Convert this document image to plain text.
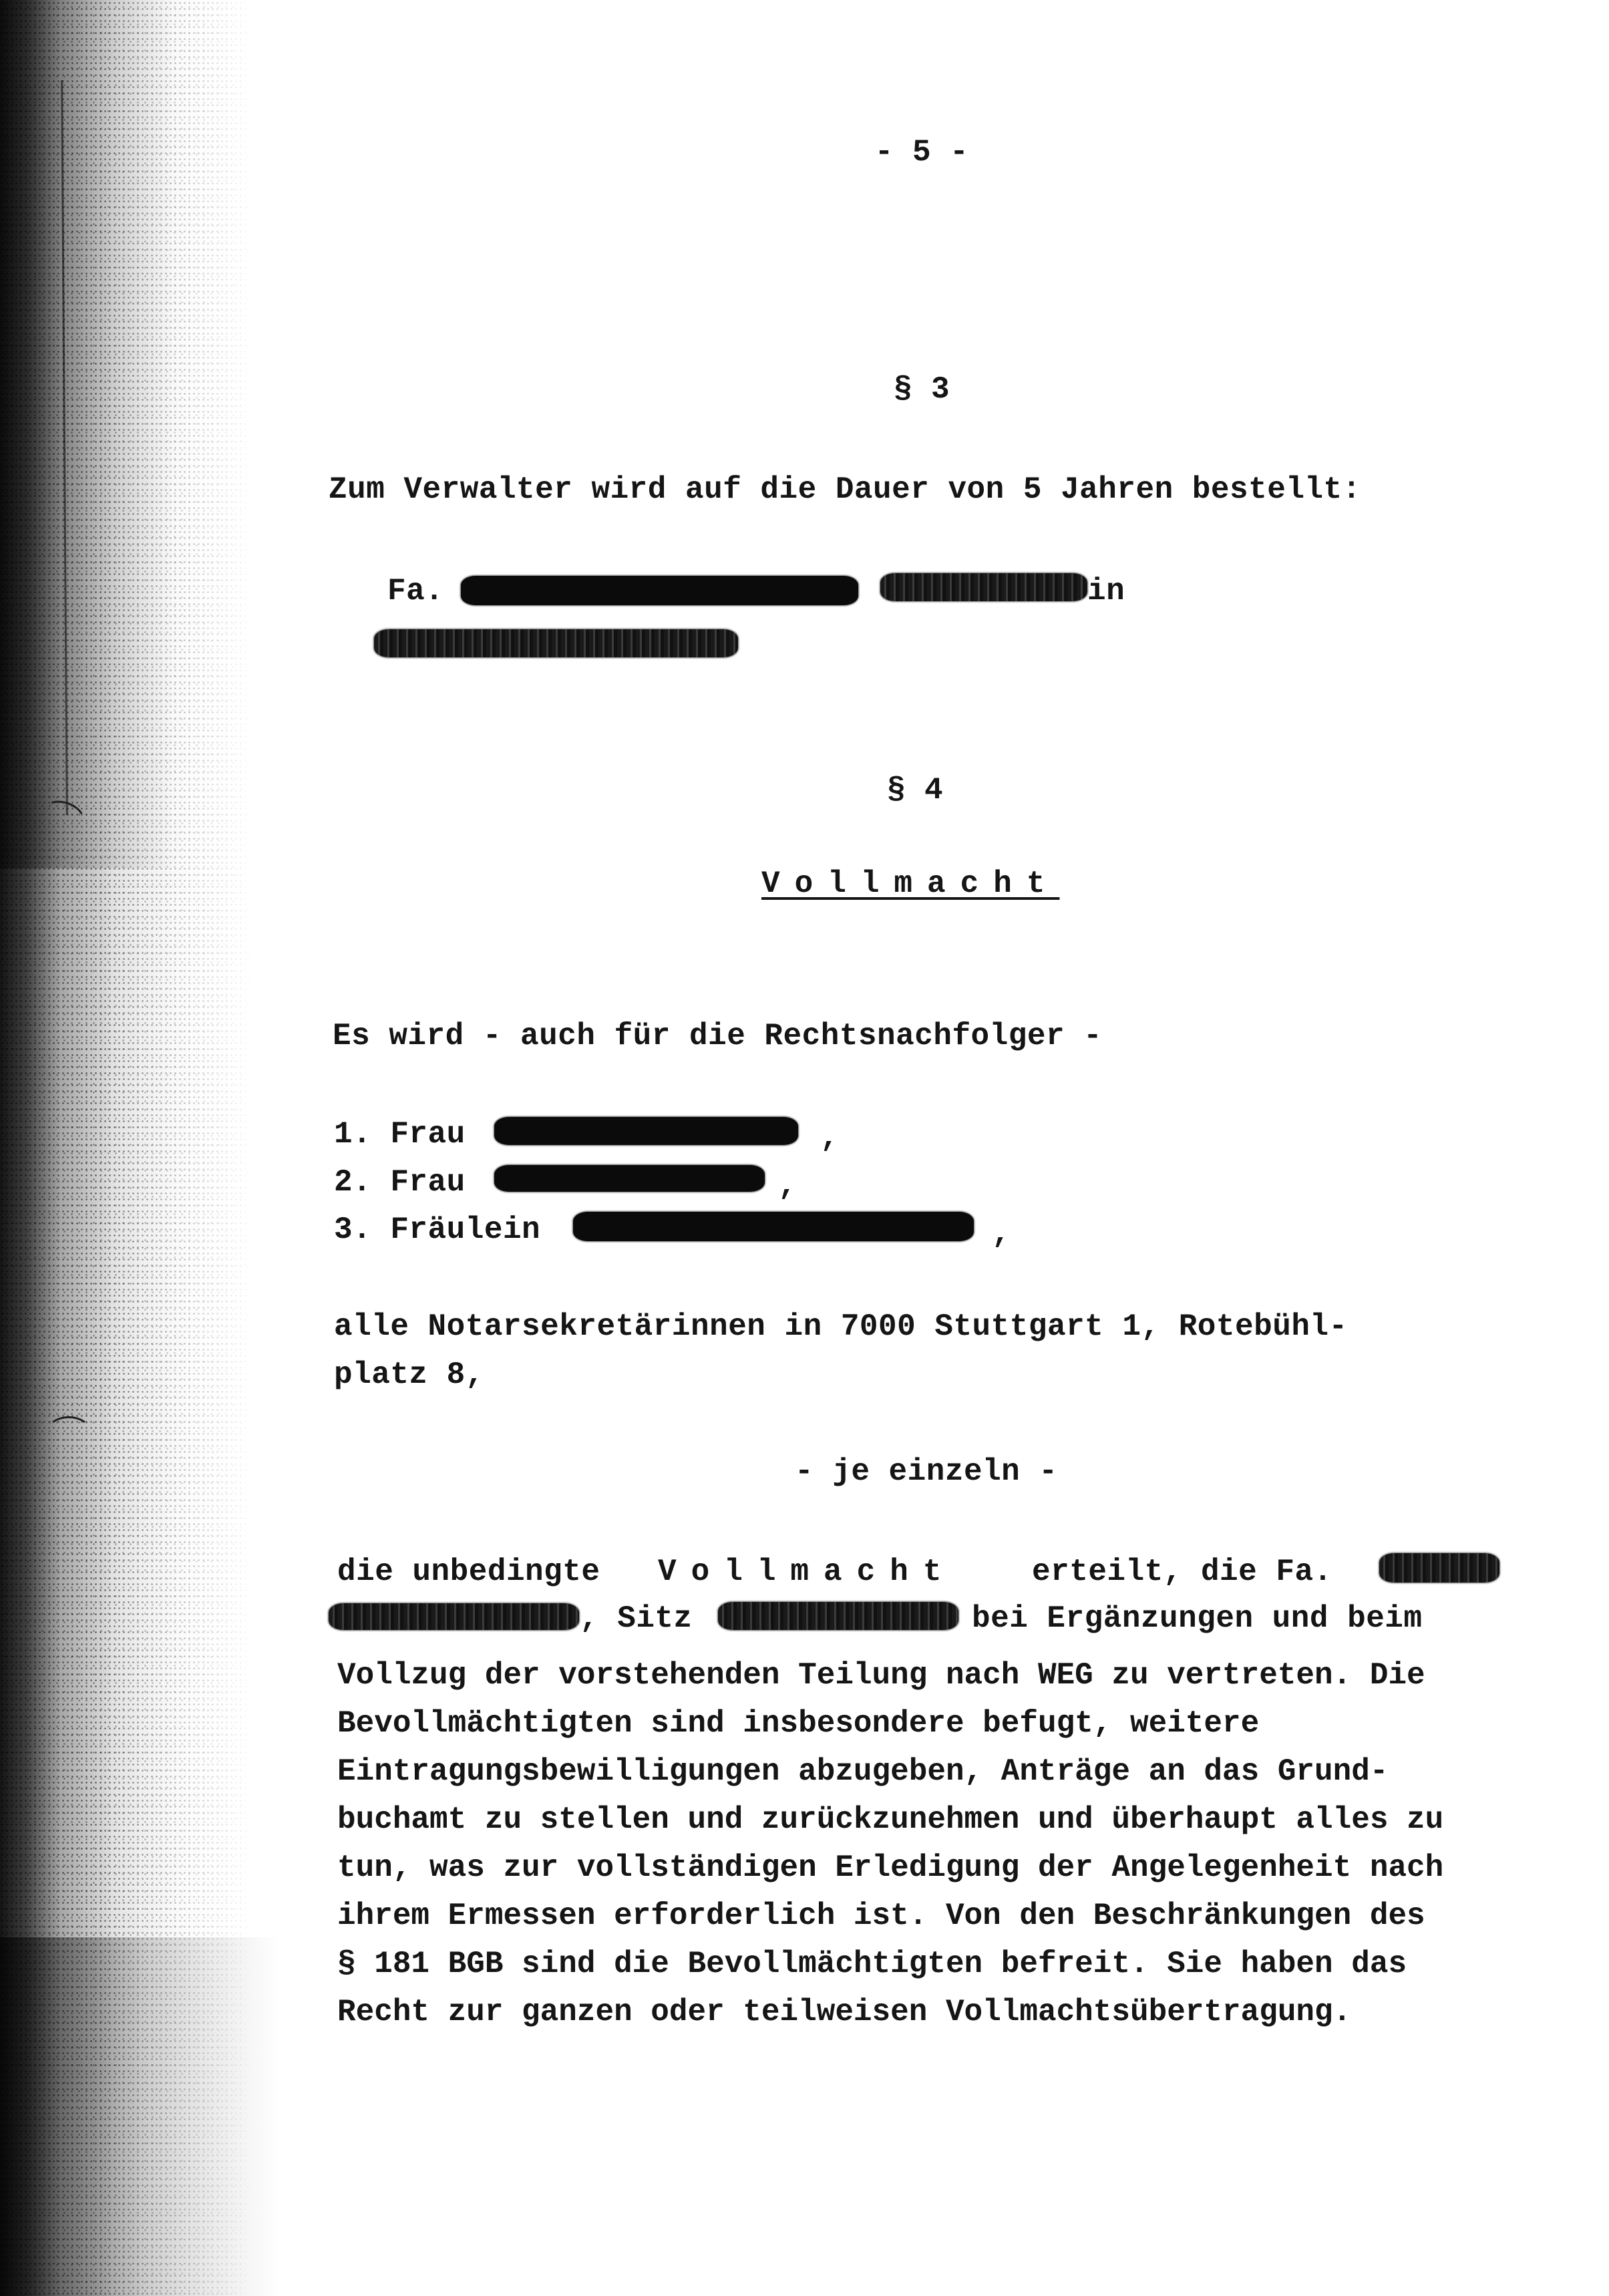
- 5 -
§ 3
Zum Verwalter wird auf die Dauer von 5 Jahren bestellt:
Fa.	in
§ 4
Vollmacht
Es wird - auch für die Rechtsnachfolger -
1. Frau	,
2. Frau	,
3. Fräulein	,
alle Notarsekretärinnen in 7000 Stuttgart 1, Rotebühl-
platz 8,
- je einzeln -
die unbedingte Vollmacht erteilt, die Fa.
, Sitz	bei Ergänzungen und beim
Vollzug der vorstehenden Teilung nach WEG zu vertreten. Die
Bevollmächtigten sind insbesondere befugt, weitere
Eintragungsbewilligungen abzugeben, Anträge an das Grund-
buchamt zu stellen und zurückzunehmen und überhaupt alles zu
tun, was zur vollständigen Erledigung der Angelegenheit nach
ihrem Ermessen erforderlich ist. Von den Beschränkungen des
§ 181 BGB sind die Bevollmächtigten befreit. Sie haben das
Recht zur ganzen oder teilweisen Vollmachtsübertragung.
